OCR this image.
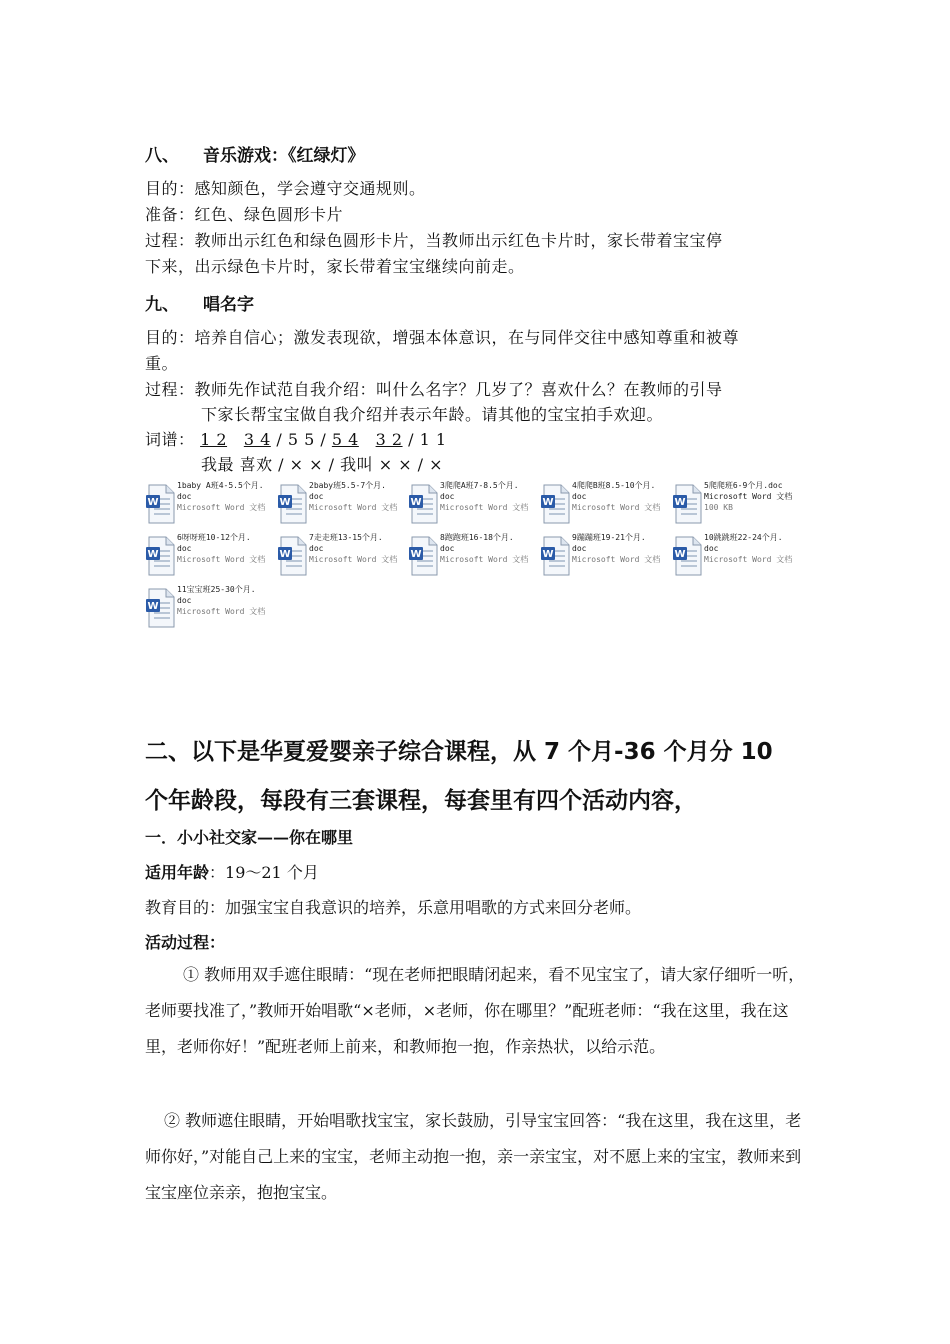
八、 音乐游戏：《红绿灯》
目的：感知颜色，学会遵守交通规则。
准备：红色、绿色圆形卡片
过程：教师出示红色和绿色圆形卡片，当教师出示红色卡片时，家长带着宝宝停
下来，出示绿色卡片时，家长带着宝宝继续向前走。
九、 唱名字
目的：培养自信心；激发表现欲，增强本体意识，在与同伴交往中感知尊重和被尊
重。
过程：教师先作试范自我介绍：叫什么名字？几岁了？喜欢什么？在教师的引导
下家长帮宝宝做自我介绍并表示年龄。请其他的宝宝拍手欢迎。
词谱： 1 2 3 4 / 5 5 / 5 4 3 2 / 1 1
我最 喜欢 / × × / 我叫 × × / ×
W
1baby A班4-5.5个月.
doc
Microsoft Word 文档 W
2baby班5.5-7个月.
doc
Microsoft Word 文档 W
3爬爬A班7-8.5个月.
doc
Microsoft Word 文档 W
4爬爬B班8.5-10个月.
doc
Microsoft Word 文档 W
5爬爬班6-9个月.doc
Microsoft Word 文档
100 KB
W
6呀呀班10-12个月.
doc
Microsoft Word 文档 W
7走走班13-15个月.
doc
Microsoft Word 文档 W
8跑跑班16-18个月.
doc
Microsoft Word 文档 W
9蹦蹦班19-21个月.
doc
Microsoft Word 文档 W
10跳跳班22-24个月.
doc
Microsoft Word 文档
W
11宝宝班25-30个月.
doc
Microsoft Word 文档
二、以下是华夏爱婴亲子综合课程，从 7 个月-36 个月分 10
个年龄段，每段有三套课程，每套里有四个活动内容，
一．小小社交家——你在哪里
适用年龄：19～21 个月
教育目的：加强宝宝自我意识的培养，乐意用唱歌的方式来回分老师。
活动过程：
① 教师用双手遮住眼睛：“现在老师把眼睛闭起来，看不见宝宝了，请大家仔细听一听，老师要找准了，”教师开始唱歌“×老师，×老师，你在哪里？”配班老师：“我在这里，我在这里，老师你好！”配班老师上前来，和教师抱一抱，作亲热状，以给示范。
② 教师遮住眼睛，开始唱歌找宝宝，家长鼓励，引导宝宝回答：“我在这里，我在这里，老师你好，”对能自己上来的宝宝，老师主动抱一抱，亲一亲宝宝，对不愿上来的宝宝，教师来到宝宝座位亲亲，抱抱宝宝。
